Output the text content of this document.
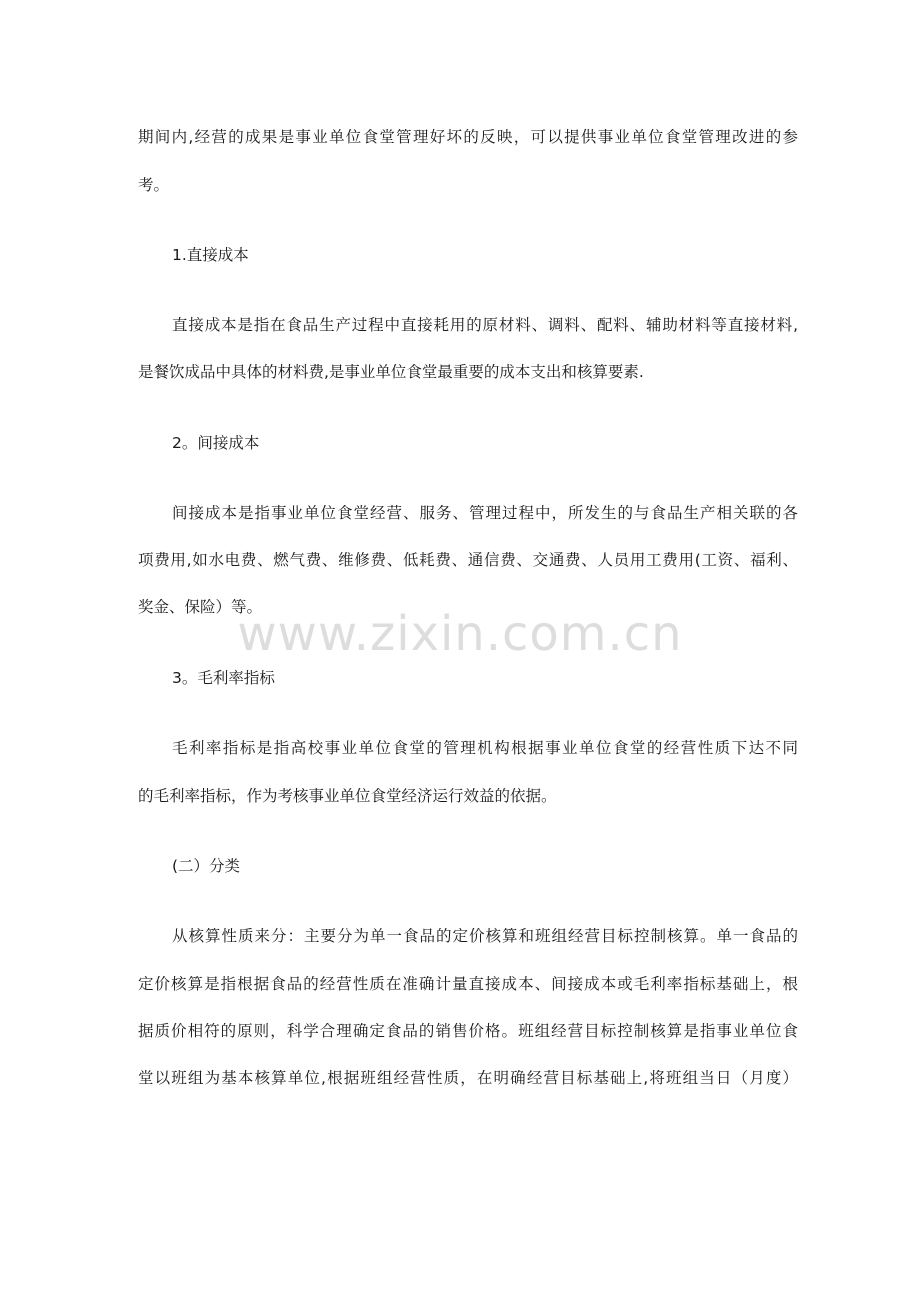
期间内,经营的成果是事业单位食堂管理好坏的反映，可以提供事业单位食堂管理改进的参
考。
1.直接成本
直接成本是指在食品生产过程中直接耗用的原材料、调料、配料、辅助材料等直接材料,
是餐饮成品中具体的材料费,是事业单位食堂最重要的成本支出和核算要素.
2。间接成本
间接成本是指事业单位食堂经营、服务、管理过程中，所发生的与食品生产相关联的各
项费用,如水电费、燃气费、维修费、低耗费、通信费、交通费、人员用工费用(工资、福利、
奖金、保险）等。
3。毛利率指标
毛利率指标是指高校事业单位食堂的管理机构根据事业单位食堂的经营性质下达不同
的毛利率指标，作为考核事业单位食堂经济运行效益的依据。
(二）分类
从核算性质来分：主要分为单一食品的定价核算和班组经营目标控制核算。单一食品的
定价核算是指根据食品的经营性质在准确计量直接成本、间接成本或毛利率指标基础上，根
据质价相符的原则，科学合理确定食品的销售价格。班组经营目标控制核算是指事业单位食
堂以班组为基本核算单位,根据班组经营性质，在明确经营目标基础上,将班组当日（月度）
www.zixin.com.cn
